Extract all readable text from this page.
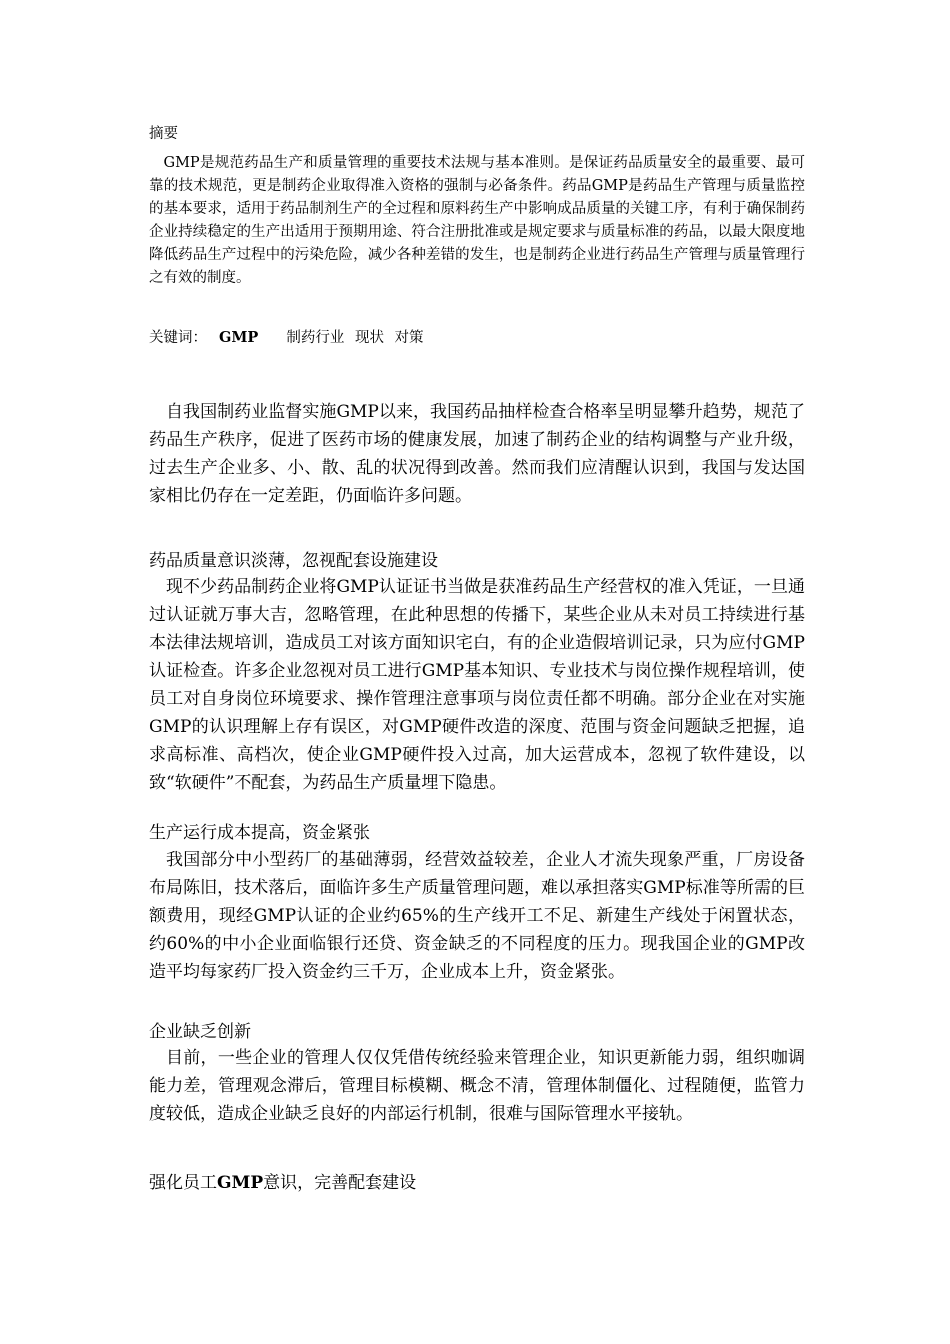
摘要

GMP是规范药品生产和质量管理的重要技术法规与基本准则。是保证药品质量安全的最重要、最可靠的技术规范，更是制药企业取得准入资格的强制与必备条件。药品GMP是药品生产管理与质量监控的基本要求，适用于药品制剂生产的全过程和原料药生产中影响成品质量的关键工序，有利于确保制药企业持续稳定的生产出适用于预期用途、符合注册批准或是规定要求与质量标准的药品，以最大限度地降低药品生产过程中的污染危险，减少各种差错的发生，也是制药企业进行药品生产管理与质量管理行之有效的制度。

关键词： GMP 制药行业 现状 对策

自我国制药业监督实施GMP以来，我国药品抽样检查合格率呈明显攀升趋势，规范了药品生产秩序，促进了医药市场的健康发展，加速了制药企业的结构调整与产业升级，过去生产企业多、小、散、乱的状况得到改善。然而我们应清醒认识到，我国与发达国家相比仍存在一定差距，仍面临许多问题。

药品质量意识淡薄，忽视配套设施建设

现不少药品制药企业将GMP认证证书当做是获准药品生产经营权的准入凭证，一旦通过认证就万事大吉，忽略管理，在此种思想的传播下，某些企业从未对员工持续进行基本法律法规培训，造成员工对该方面知识宅白，有的企业造假培训记录，只为应付GMP认证检查。许多企业忽视对员工进行GMP基本知识、专业技术与岗位操作规程培训，使员工对自身岗位环境要求、操作管理注意事项与岗位责任都不明确。部分企业在对实施GMP的认识理解上存有误区，对GMP硬件改造的深度、范围与资金问题缺乏把握，追求高标准、高档次，使企业GMP硬件投入过高，加大运营成本，忽视了软件建设，以致“软硬件”不配套，为药品生产质量埋下隐患。

生产运行成本提高，资金紧张

我国部分中小型药厂的基础薄弱，经营效益较差，企业人才流失现象严重，厂房设备布局陈旧，技术落后，面临许多生产质量管理问题，难以承担落实GMP标准等所需的巨额费用，现经GMP认证的企业约65%的生产线开工不足、新建生产线处于闲置状态，约60%的中小企业面临银行还贷、资金缺乏的不同程度的压力。现我国企业的GMP改造平均每家药厂投入资金约三千万，企业成本上升，资金紧张。

企业缺乏创新

目前，一些企业的管理人仅仅凭借传统经验来管理企业，知识更新能力弱，组织咖调能力差，管理观念滞后，管理目标模糊、概念不清，管理体制僵化、过程随便，监管力度较低，造成企业缺乏良好的内部运行机制，很难与国际管理水平接轨。

强化员工GMP意识，完善配套建设
